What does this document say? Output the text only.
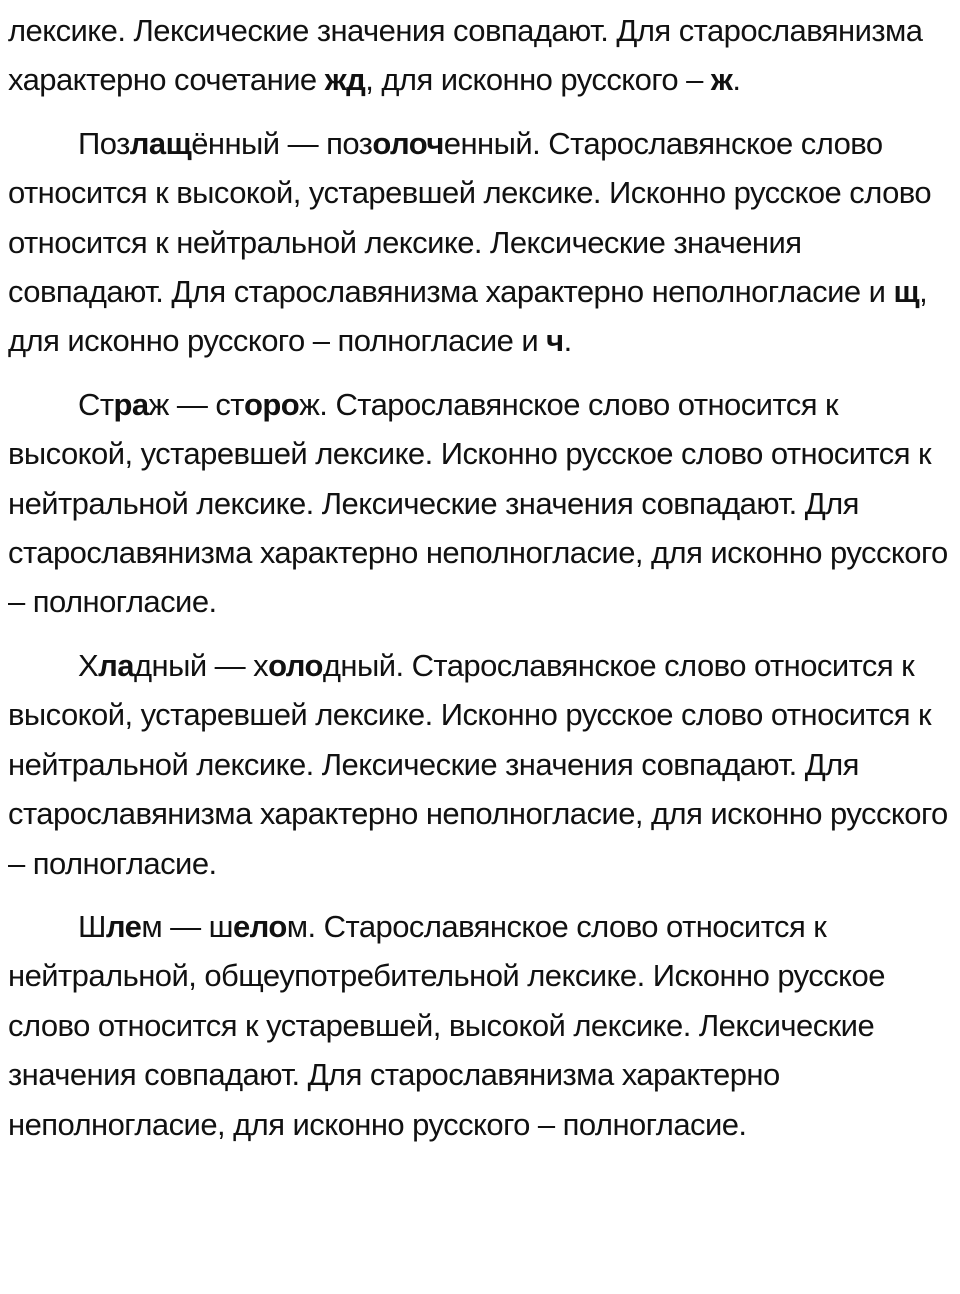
лексике. Лексические значения совпадают. Для старославянизма характерно сочетание жд, для исконно русского – ж.

Позлащённый — позолоченный. Старославянское слово относится к высокой, устаревшей лексике. Исконно русское слово относится к нейтральной лексике. Лексические значения совпадают. Для старославянизма характерно неполногласие и щ, для исконно русского – полногласие и ч.

Страж — сторож. Старославянское слово относится к высокой, устаревшей лексике. Исконно русское слово относится к нейтральной лексике. Лексические значения совпадают. Для старославянизма характерно неполногласие, для исконно русского – полногласие.

Хладный — холодный. Старославянское слово относится к высокой, устаревшей лексике. Исконно русское слово относится к нейтральной лексике. Лексические значения совпадают. Для старославянизма характерно неполногласие, для исконно русского – полногласие.

Шлем — шелом. Старославянское слово относится к нейтральной, общеупотребительной лексике. Исконно русское слово относится к устаревшей, высокой лексике. Лексические значения совпадают. Для старославянизма характерно неполногласие, для исконно русского – полногласие.
